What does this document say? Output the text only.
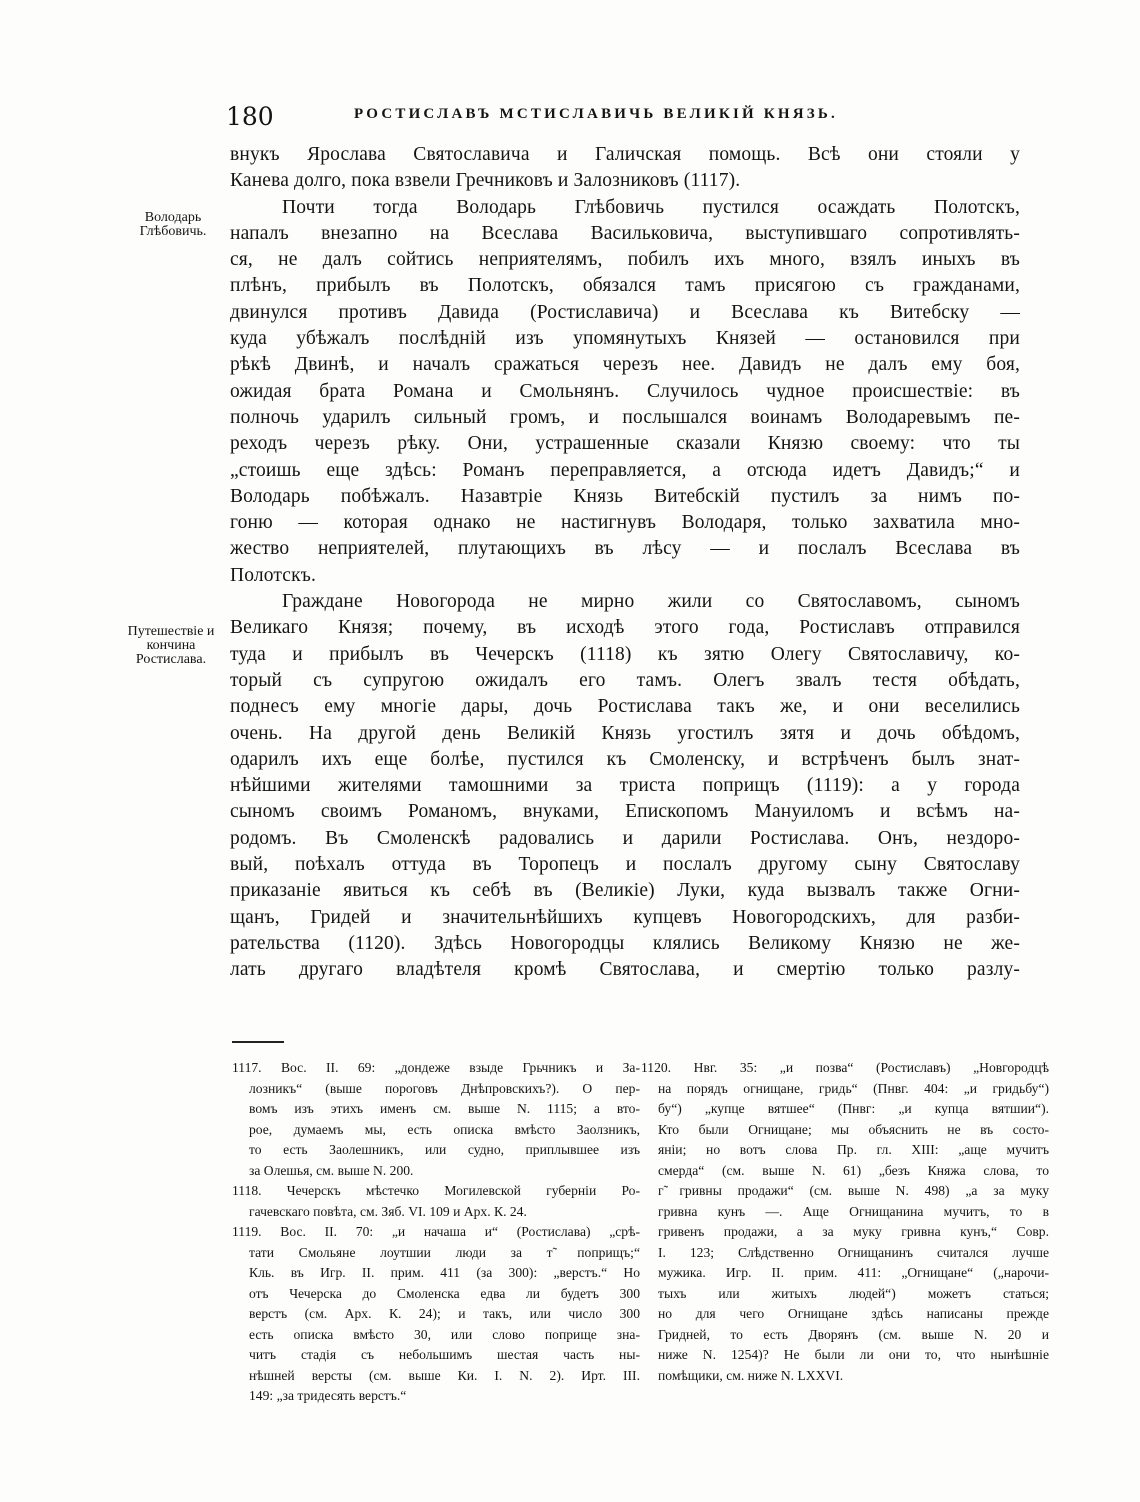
180	РОСТИСЛАВЪ МСТИСЛАВИЧЬ ВЕЛИКІЙ КНЯЗЬ.
Володарь Глѣбовичь.
Путешествіе и кончина Ростислава.
внукъ Ярослава Святославича и Галичская помощь. Всѣ они стояли у
Канева долго, пока взвели Гречниковъ и Залозниковъ (1117).
Почти тогда Володарь Глѣбовичь пустился осаждать Полотскъ,
напалъ внезапно на Всеслава Васильковича, выступившаго сопротивлять-
ся, не далъ сойтись неприятелямъ, побилъ ихъ много, взялъ иныхъ въ
плѣнъ, прибылъ въ Полотскъ, обязался тамъ присягою съ гражданами,
двинулся противъ Давида (Ростиславича) и Всеслава къ Витебску —
куда убѣжалъ послѣдній изъ упомянутыхъ Князей — остановился при
рѣкѣ Двинѣ, и началъ сражаться черезъ нее. Давидъ не далъ ему боя,
ожидая брата Романа и Смольнянъ. Случилось чудное происшествіе: въ
полночь ударилъ сильный громъ, и послышался воинамъ Володаревымъ пе-
реходъ черезъ рѣку. Они, устрашенные сказали Князю своему: что ты
„стоишь еще здѣсь: Романъ переправляется, а отсюда идетъ Давидъ;“ и
Володарь побѣжалъ. Назавтріе Князь Витебскій пустилъ за нимъ по-
гоню — которая однако не настигнувъ Володаря, только захватила мно-
жество неприятелей, плутающихъ въ лѣсу — и послалъ Всеслава въ
Полотскъ.
Граждане Новогорода не мирно жили со Святославомъ, сыномъ
Великаго Князя; почему, въ исходѣ этого года, Ростиславъ отправился
туда и прибылъ въ Чечерскъ (1118) къ зятю Олегу Святославичу, ко-
торый съ супругою ожидалъ его тамъ. Олегъ звалъ тестя обѣдать,
поднесъ ему многіе дары, дочь Ростислава такъ же, и они веселились
очень. На другой день Великій Князь угостилъ зятя и дочь обѣдомъ,
одарилъ ихъ еще болѣе, пустился къ Смоленску, и встрѣченъ былъ знат-
нѣйшими жителями тамошними за триста поприщъ (1119): а у города
сыномъ своимъ Романомъ, внуками, Епископомъ Мануиломъ и всѣмъ на-
родомъ. Въ Смоленскѣ радовались и дарили Ростислава. Онъ, нездоро-
вый, поѣхалъ оттуда въ Торопецъ и послалъ другому сыну Святославу
приказаніе явиться къ себѣ въ (Великіе) Луки, куда вызвалъ также Огни-
щанъ, Гридей и значительнѣйшихъ купцевъ Новогородскихъ, для разби-
рательства (1120). Здѣсь Новогородцы клялись Великому Князю не же-
лать другаго владѣтеля кромѣ Святослава, и смертію только разлу-
1117. Вос. II. 69: „дондеже взыде Грьчникъ и За-
лозникъ“ (выше пороговъ Днѣпровскихъ?). О пер-
вомъ изъ этихъ именъ см. выше N. 1115; а вто-
рое, думаемъ мы, есть описка вмѣсто Заолзникъ,
то есть Заолешникъ, или судно, приплывшее изъ
за Олешья, см. выше N. 200.
1118. Чечерскъ мѣстечко Могилевской губерніи Ро-
гачевскаго повѣта, см. Зяб. VI. 109 и Арх. К. 24.
1119. Вос. II. 70: „и начаша и“ (Ростислава) „срѣ-
тати Смольяне лоутшии люди за т̃ поприщъ;“
Кль. въ Игр. II. прим. 411 (за 300): „верстъ.“ Но
отъ Чечерска до Смоленска едва ли будетъ 300
верстъ (см. Арх. К. 24); и такъ, или число 300
есть описка вмѣсто 30, или слово поприще зна-
читъ стадія съ небольшимъ шестая часть ны-
нѣшней версты (см. выше Ки. I. N. 2). Ирт. III.
149: „за тридесять верстъ.“
1120. Нвг. 35: „и позва“ (Ростиславъ) „Новгородцѣ
на порядъ огнищане, гридь“ (Пнвг. 404: „и гридьбу“)
бу“) „купце вятшее“ (Пнвг: „и купца вятшии“).
Кто были Огнищане; мы объяснить не въ состо-
яніи; но вотъ слова Пр. гл. XIII: „аще мучитъ
смерда“ (см. выше N. 61) „безъ Княжа слова, то
г̃ гривны продажи“ (см. выше N. 498) „а за муку
гривна кунъ —. Аще Огнищанина мучитъ, то в̃
гривенъ продажи, а за муку гривна кунъ,“ Совр.
I. 123; Слѣдственно Огнищанинъ считался лучше
мужика. Игр. II. прим. 411: „Огнищане“ („нарочи-
тыхъ или житыхъ людей“) можетъ статься;
но для чего Огнищане здѣсь написаны прежде
Гридней, то есть Дворянъ (см. выше N. 20 и
ниже N. 1254)? Не были ли они то, что нынѣшніе
помѣщики, см. ниже N. LXXVI.
